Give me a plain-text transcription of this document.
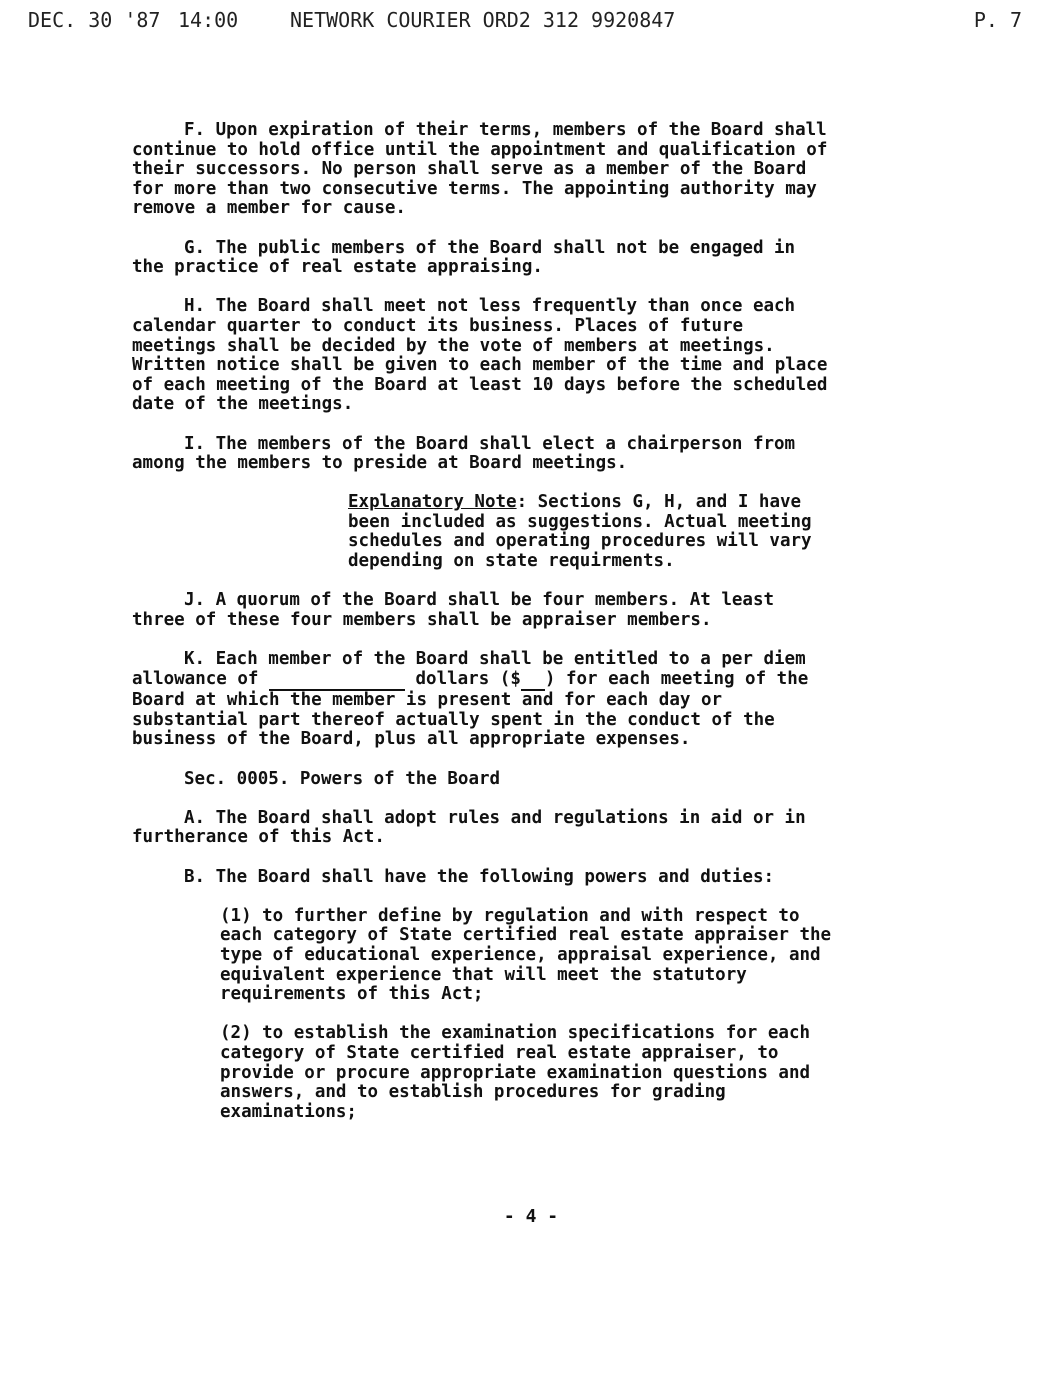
DEC. 30 '87 14:00	NETWORK COURIER ORD2 312 9920847	P. 7
F. Upon expiration of their terms, members of the Board shall
continue to hold office until the appointment and qualification of
their successors. No person shall serve as a member of the Board
for more than two consecutive terms. The appointing authority may
remove a member for cause.
G. The public members of the Board shall not be engaged in
the practice of real estate appraising.
H. The Board shall meet not less frequently than once each
calendar quarter to conduct its business. Places of future
meetings shall be decided by the vote of members at meetings.
Written notice shall be given to each member of the time and place
of each meeting of the Board at least 10 days before the scheduled
date of the meetings.
I. The members of the Board shall elect a chairperson from
among the members to preside at Board meetings.
Explanatory Note: Sections G, H, and I have
been included as suggestions. Actual meeting
schedules and operating procedures will vary
depending on state requirments.
J. A quorum of the Board shall be four members. At least
three of these four members shall be appraiser members.
K. Each member of the Board shall be entitled to a per diem
allowance of	dollars ($ ) for each meeting of the
Board at which the member is present and for each day or
substantial part thereof actually spent in the conduct of the
business of the Board, plus all appropriate expenses.
Sec. 0005. Powers of the Board
A. The Board shall adopt rules and regulations in aid or in
furtherance of this Act.
B. The Board shall have the following powers and duties:
(1) to further define by regulation and with respect to
each category of State certified real estate appraiser the
type of educational experience, appraisal experience, and
equivalent experience that will meet the statutory
requirements of this Act;
(2) to establish the examination specifications for each
category of State certified real estate appraiser, to
provide or procure appropriate examination questions and
answers, and to establish procedures for grading
examinations;
- 4 -
